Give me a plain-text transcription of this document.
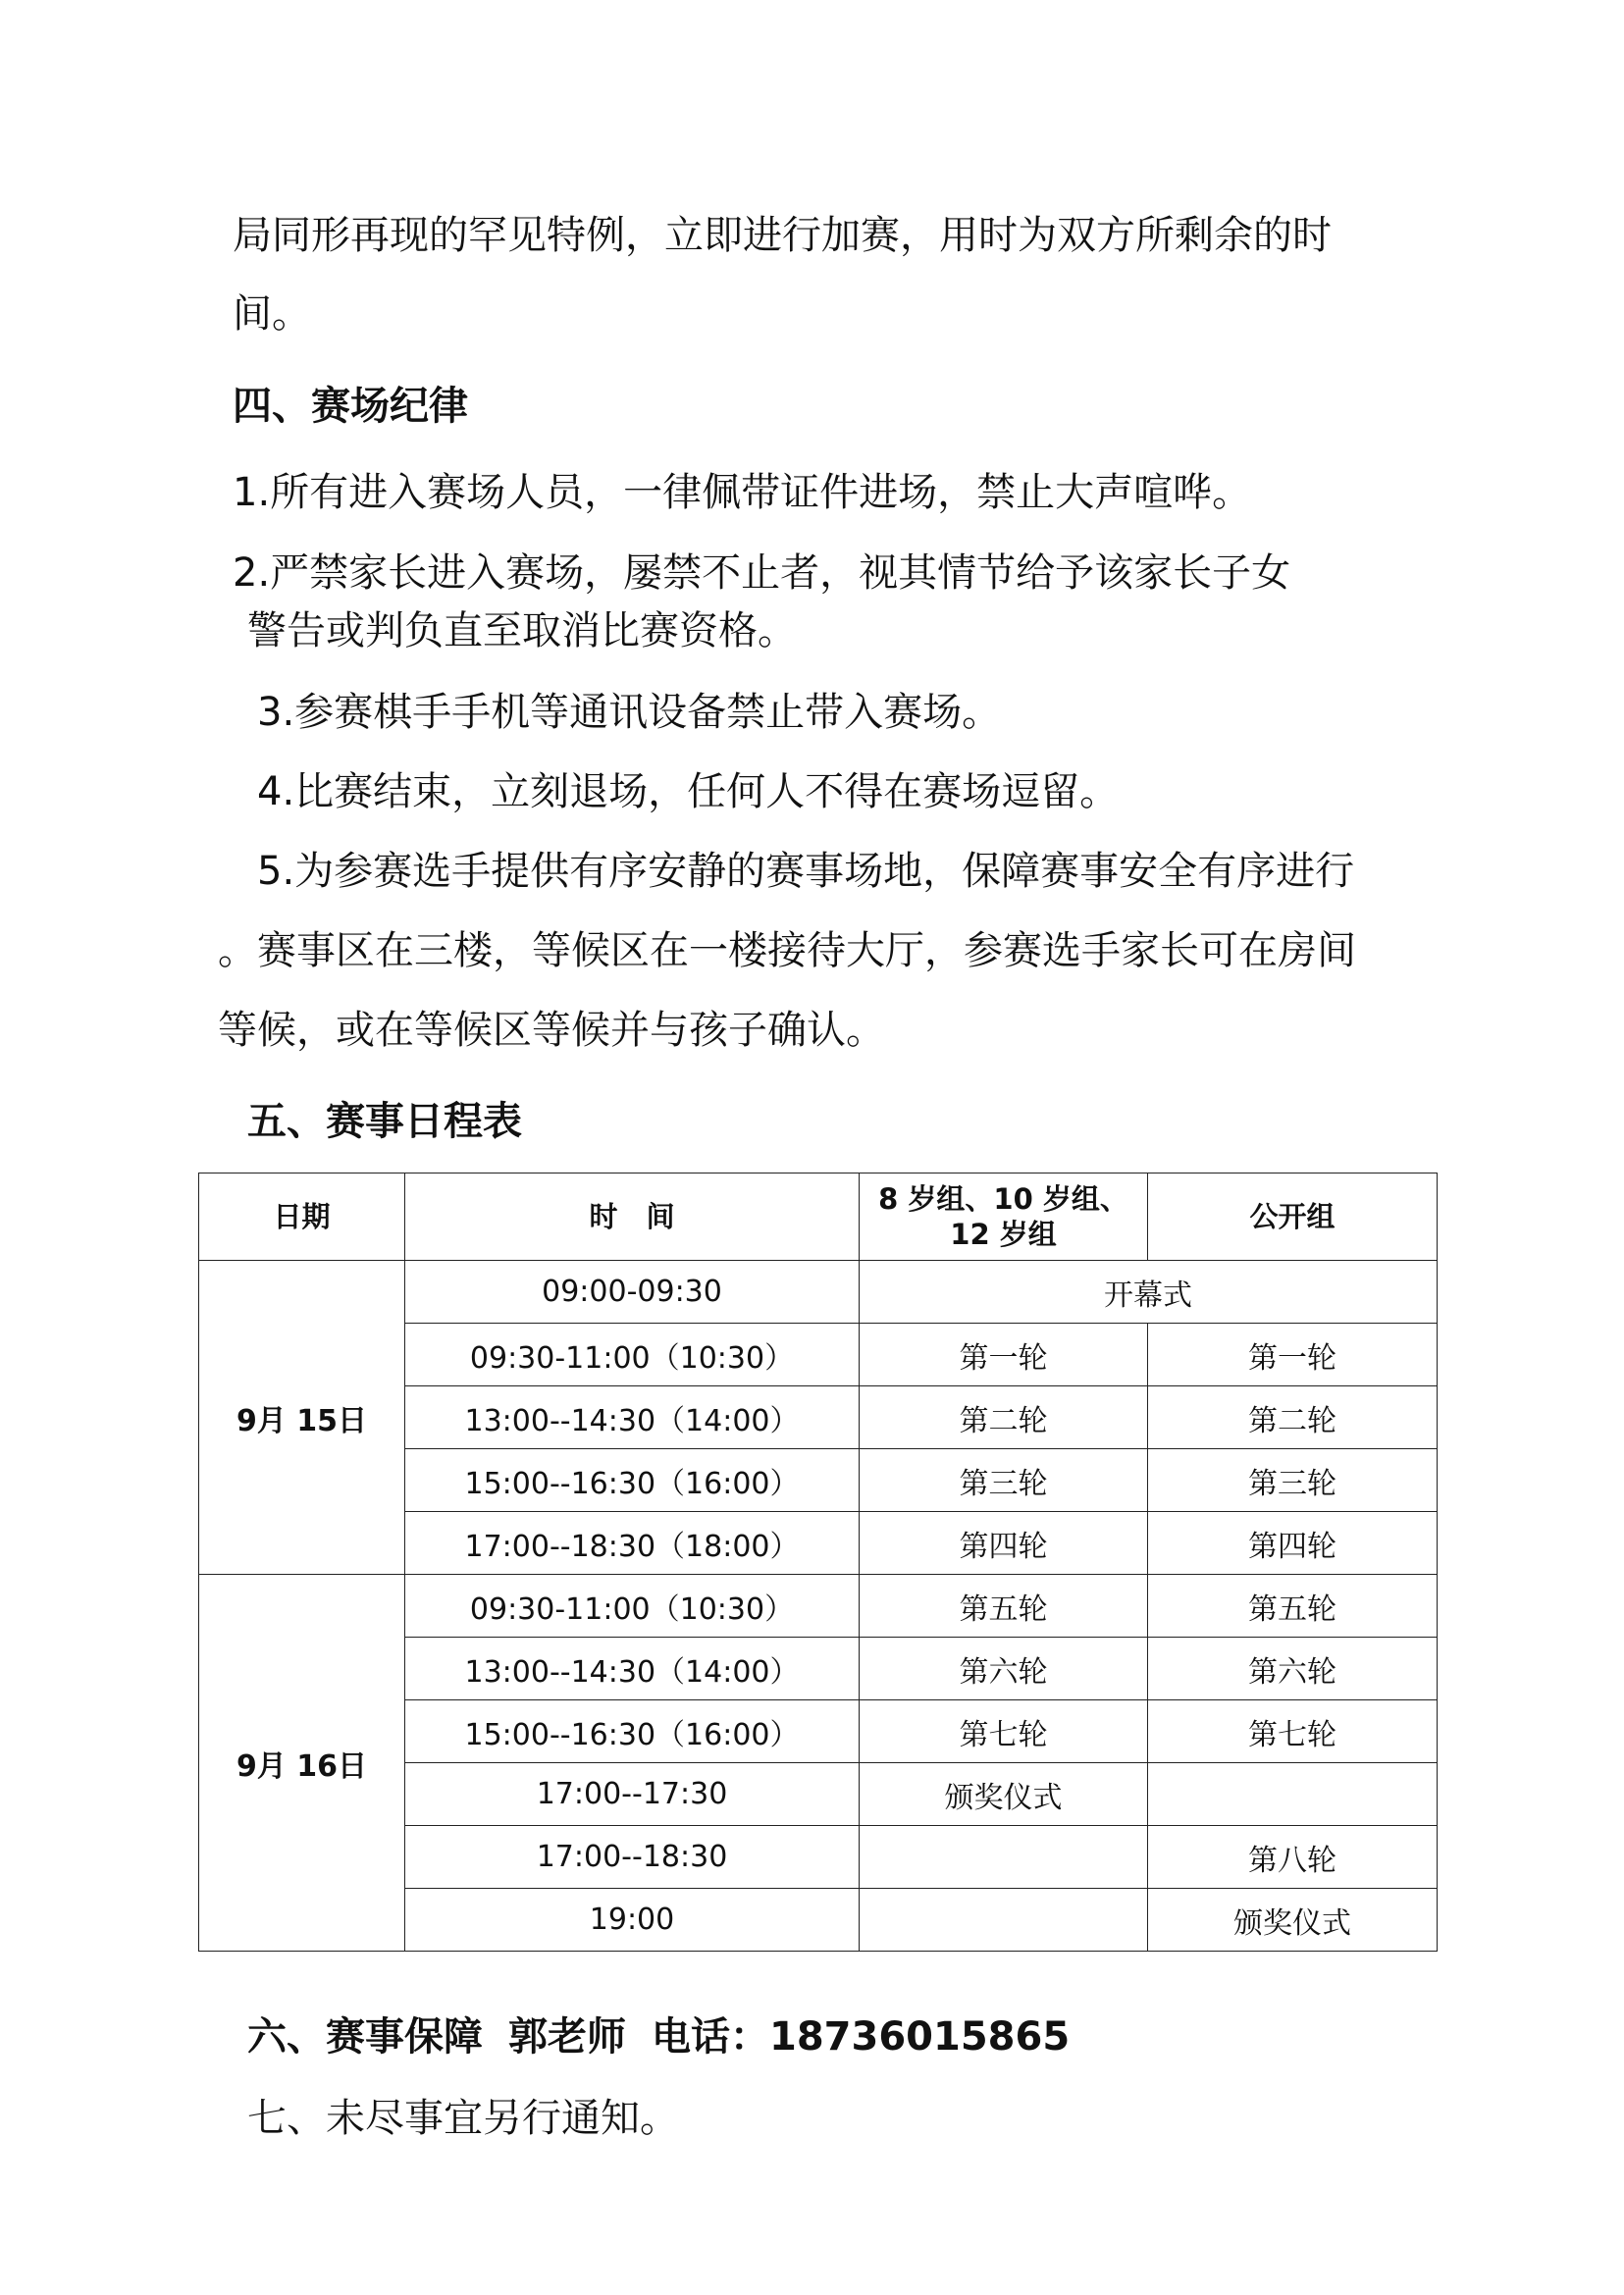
局同形再现的罕见特例，立即进行加赛，用时为双方所剩余的时
间。
四、赛场纪律
1.所有进入赛场人员，一律佩带证件进场，禁止大声喧哗。
2.严禁家长进入赛场，屡禁不止者，视其情节给予该家长子女
警告或判负直至取消比赛资格。
3.参赛棋手手机等通讯设备禁止带入赛场。
4.比赛结束，立刻退场，任何人不得在赛场逗留。
5.为参赛选手提供有序安静的赛事场地，保障赛事安全有序进行
。赛事区在三楼，等候区在一楼接待大厅，参赛选手家长可在房间
等候，或在等候区等候并与孩子确认。
五、赛事日程表
日期	时　间	8 岁组、10 岁组、12 岁组	公开组
9月 15日	09:00-09:30	开幕式	
	09:30-11:00（10:30）	第一轮	第一轮
	13:00--14:30（14:00）	第二轮	第二轮
	15:00--16:30（16:00）	第三轮	第三轮
	17:00--18:30（18:00）	第四轮	第四轮
9月 16日	09:30-11:00（10:30）	第五轮	第五轮
	13:00--14:30（14:00）	第六轮	第六轮
	15:00--16:30（16:00）	第七轮	第七轮
	17:00--17:30	颁奖仪式	
	17:00--18:30		第八轮
	19:00		颁奖仪式
六、赛事保障 郭老师 电话：18736015865
七、未尽事宜另行通知。
